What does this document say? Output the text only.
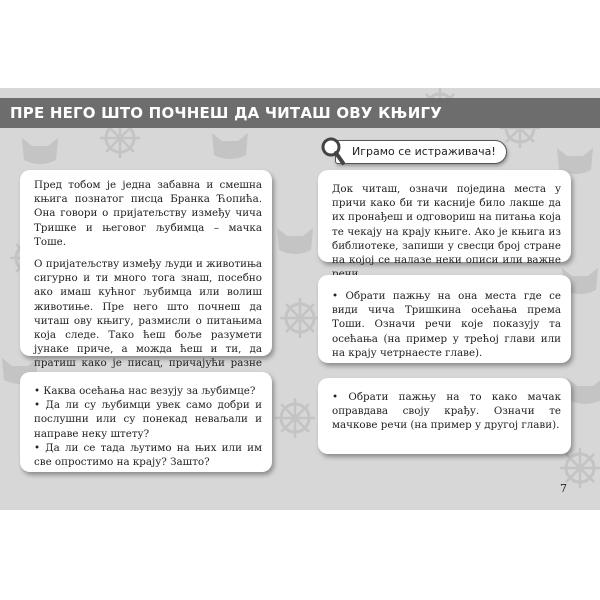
ПРЕ НЕГО ШТО ПОЧНЕШ ДА ЧИТАШ ОВУ КЊИГУ

Пред тобом је једна забавна и смешна књига познатог писца Бранка Ћопића. Она говори о пријатељству између чича Тришке и његовог љубимца – мачка Тоше.

О пријатељству између људи и животиња сигурно и ти много тога знаш, посебно ако имаш кућног љубимца или волиш животиње. Пре него што почнеш да читаш ову књигу, размисли о питањима која следе. Тако ћеш боље разумети јунаке приче, а можда ћеш и ти, да пратиш како је писац, причајући разне

• Каква осећања нас везују за љубимце?
• Да ли су љубимци увек само добри и послушни или су понекад неваљали и направе неку штету?
• Да ли се тада љутимо на њих или им све опростимо на крају? Зашто?
Играмо се истраживача!

Док читаш, означи поједина места у причи како би ти касније било лакше да их пронађеш и одговориш на питања која те чекају на крају књиге. Ако је књига из библиотеке, запиши у свесци број стране на којој се налазе неки описи или важне

• Обрати пажњу на она места где се види чича Тришкина осећања према Тоши. Означи речи које показују та осећања (на пример у трећој глави или на крају четрнаесте главе).

• Обрати пажњу на то како мачак оправдава своју крађу. Означи те мачкове речи (на пример у другој глави).

7
